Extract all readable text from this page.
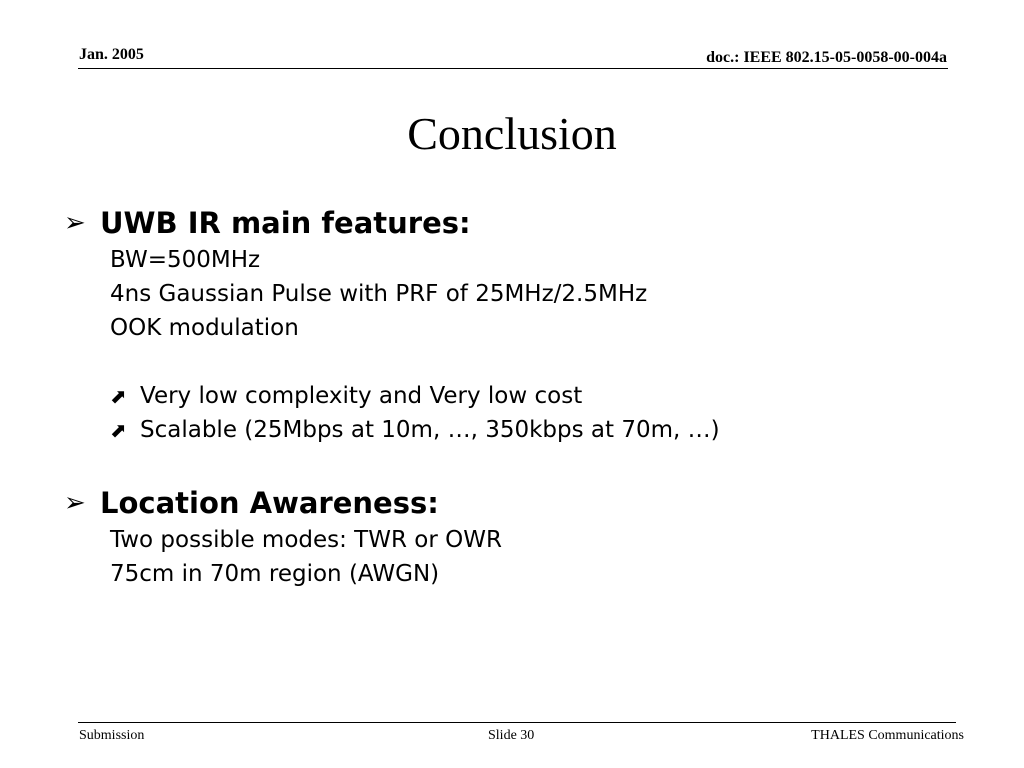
Jan. 2005	doc.: IEEE 802.15-05-0058-00-004a
Conclusion
➢ UWB IR main features:
BW=500MHz
4ns Gaussian Pulse with PRF of 25MHz/2.5MHz
OOK modulation
⬈ Very low complexity and Very low cost
⬈ Scalable (25Mbps at 10m, …, 350kbps at 70m, …)
➢ Location Awareness:
Two possible modes: TWR or OWR
75cm in 70m region (AWGN)
Submission	Slide 30	THALES Communications
